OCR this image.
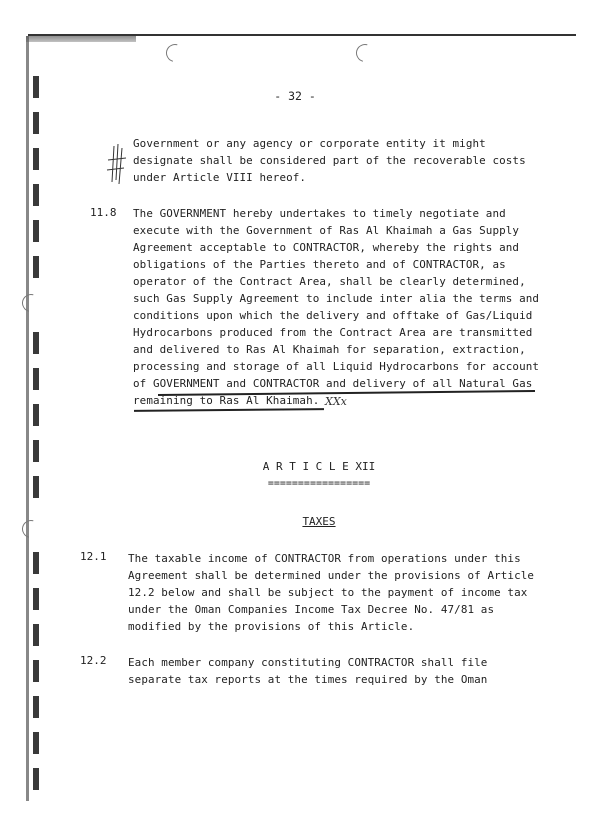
- 32 -
Government or any agency or corporate entity it might
designate shall be considered part of the recoverable costs
under Article VIII hereof.
11.8 The GOVERNMENT hereby undertakes to timely negotiate and
execute with the Government of Ras Al Khaimah a Gas Supply
Agreement acceptable to CONTRACTOR, whereby the rights and
obligations of the Parties thereto and of CONTRACTOR, as
operator of the Contract Area, shall be clearly determined,
such Gas Supply Agreement to include inter alia the terms and
conditions upon which the delivery and offtake of Gas/Liquid
Hydrocarbons produced from the Contract Area are transmitted
and delivered to Ras Al Khaimah for separation, extraction,
processing and storage of all Liquid Hydrocarbons for account
of GOVERNMENT and CONTRACTOR and delivery of all Natural Gas
remaining to Ras Al Khaimah. XXx
A R T I C L E XII
=================
TAXES
12.1 The taxable income of CONTRACTOR from operations under this
Agreement shall be determined under the provisions of Article
12.2 below and shall be subject to the payment of income tax
under the Oman Companies Income Tax Decree No. 47/81 as
modified by the provisions of this Article.
12.2 Each member company constituting CONTRACTOR shall file
separate tax reports at the times required by the Oman
